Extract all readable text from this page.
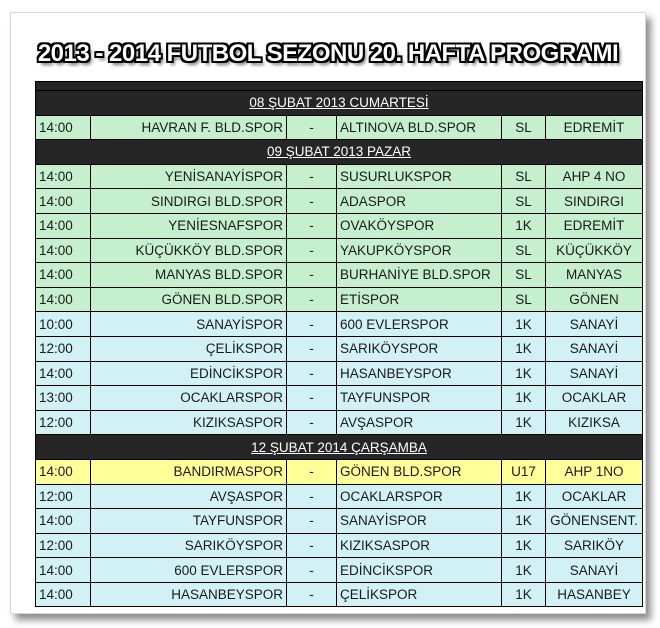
2013 - 2014 FUTBOL SEZONU 20. HAFTA PROGRAMI

08 ŞUBAT 2013 CUMARTESİ					
14:00	HAVRAN F. BLD.SPOR	-	ALTINOVA BLD.SPOR	SL	EDREMİT
09 ŞUBAT 2013 PAZAR					
14:00	YENİSANAYİSPOR	-	SUSURLUKSPOR	SL	AHP 4 NO
14:00	SINDIRGI BLD.SPOR	-	ADASPOR	SL	SINDIRGI
14:00	YENİESNAFSPOR	-	OVAKÖYSPOR	1K	EDREMİT
14:00	KÜÇÜKKÖY BLD.SPOR	-	YAKUPKÖYSPOR	SL	KÜÇÜKKÖY
14:00	MANYAS BLD.SPOR	-	BURHANİYE BLD.SPOR	SL	MANYAS
14:00	GÖNEN BLD.SPOR	-	ETİSPOR	SL	GÖNEN
10:00	SANAYİSPOR	-	600 EVLERSPOR	1K	SANAYİ
12:00	ÇELİKSPOR	-	SARIKÖYSPOR	1K	SANAYİ
14:00	EDİNCİKSPOR	-	HASANBEYSPOR	1K	SANAYİ
13:00	OCAKLARSPOR	-	TAYFUNSPOR	1K	OCAKLAR
12:00	KIZIKSASPOR	-	AVŞASPOR	1K	KIZIKSA
12 ŞUBAT 2014 ÇARŞAMBA					
14:00	BANDIRMASPOR	-	GÖNEN BLD.SPOR	U17	AHP 1NO
12:00	AVŞASPOR	-	OCAKLARSPOR	1K	OCAKLAR
14:00	TAYFUNSPOR	-	SANAYİSPOR	1K	GÖNENSENT.
12:00	SARIKÖYSPOR	-	KIZIKSASPOR	1K	SARIKÖY
14:00	600 EVLERSPOR	-	EDİNCİKSPOR	1K	SANAYİ
14:00	HASANBEYSPOR	-	ÇELİKSPOR	1K	HASANBEY
